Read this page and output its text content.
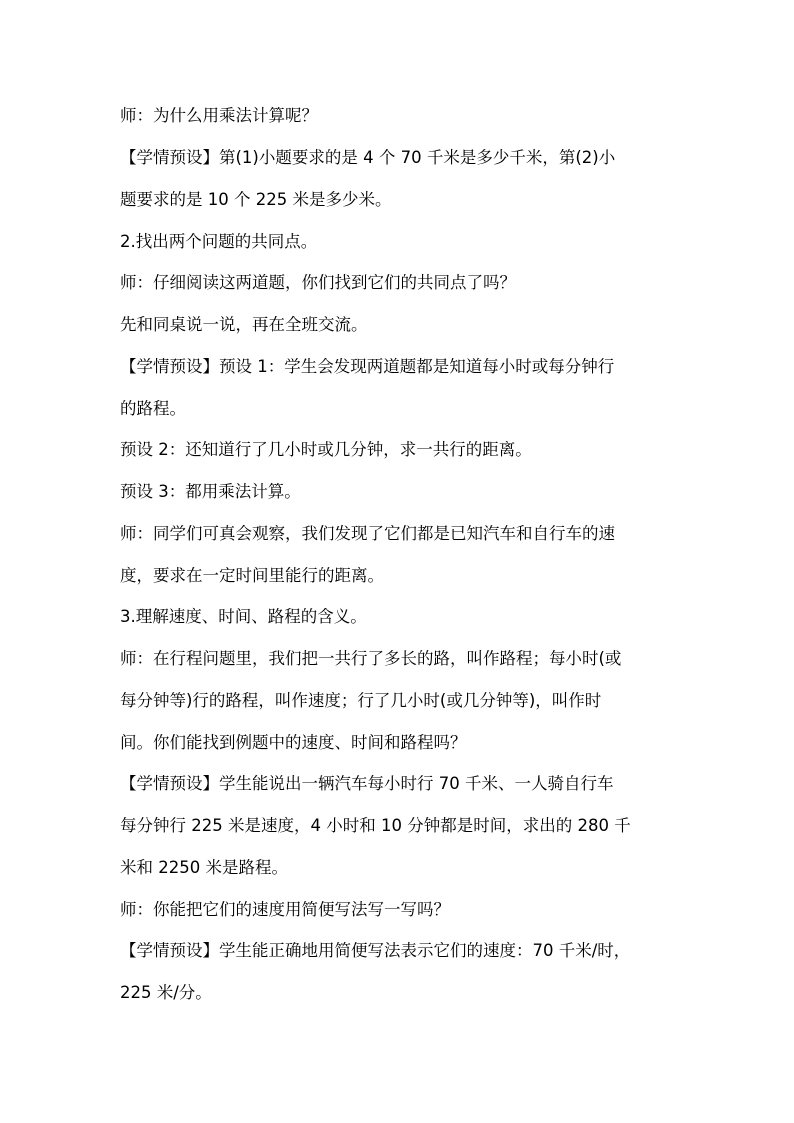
师：为什么用乘法计算呢？
【学情预设】第(1)小题要求的是 4 个 70 千米是多少千米，第(2)小
题要求的是 10 个 225 米是多少米。
2.找出两个问题的共同点。
师：仔细阅读这两道题，你们找到它们的共同点了吗？
先和同桌说一说，再在全班交流。
【学情预设】预设 1：学生会发现两道题都是知道每小时或每分钟行
的路程。
预设 2：还知道行了几小时或几分钟，求一共行的距离。
预设 3：都用乘法计算。
师：同学们可真会观察，我们发现了它们都是已知汽车和自行车的速
度，要求在一定时间里能行的距离。
3.理解速度、时间、路程的含义。
师：在行程问题里，我们把一共行了多长的路，叫作路程；每小时(或
每分钟等)行的路程，叫作速度；行了几小时(或几分钟等)，叫作时
间。你们能找到例题中的速度、时间和路程吗？
【学情预设】学生能说出一辆汽车每小时行 70 千米、一人骑自行车
每分钟行 225 米是速度，4 小时和 10 分钟都是时间，求出的 280 千
米和 2250 米是路程。
师：你能把它们的速度用简便写法写一写吗？
【学情预设】学生能正确地用简便写法表示它们的速度：70 千米/时，
225 米/分。
